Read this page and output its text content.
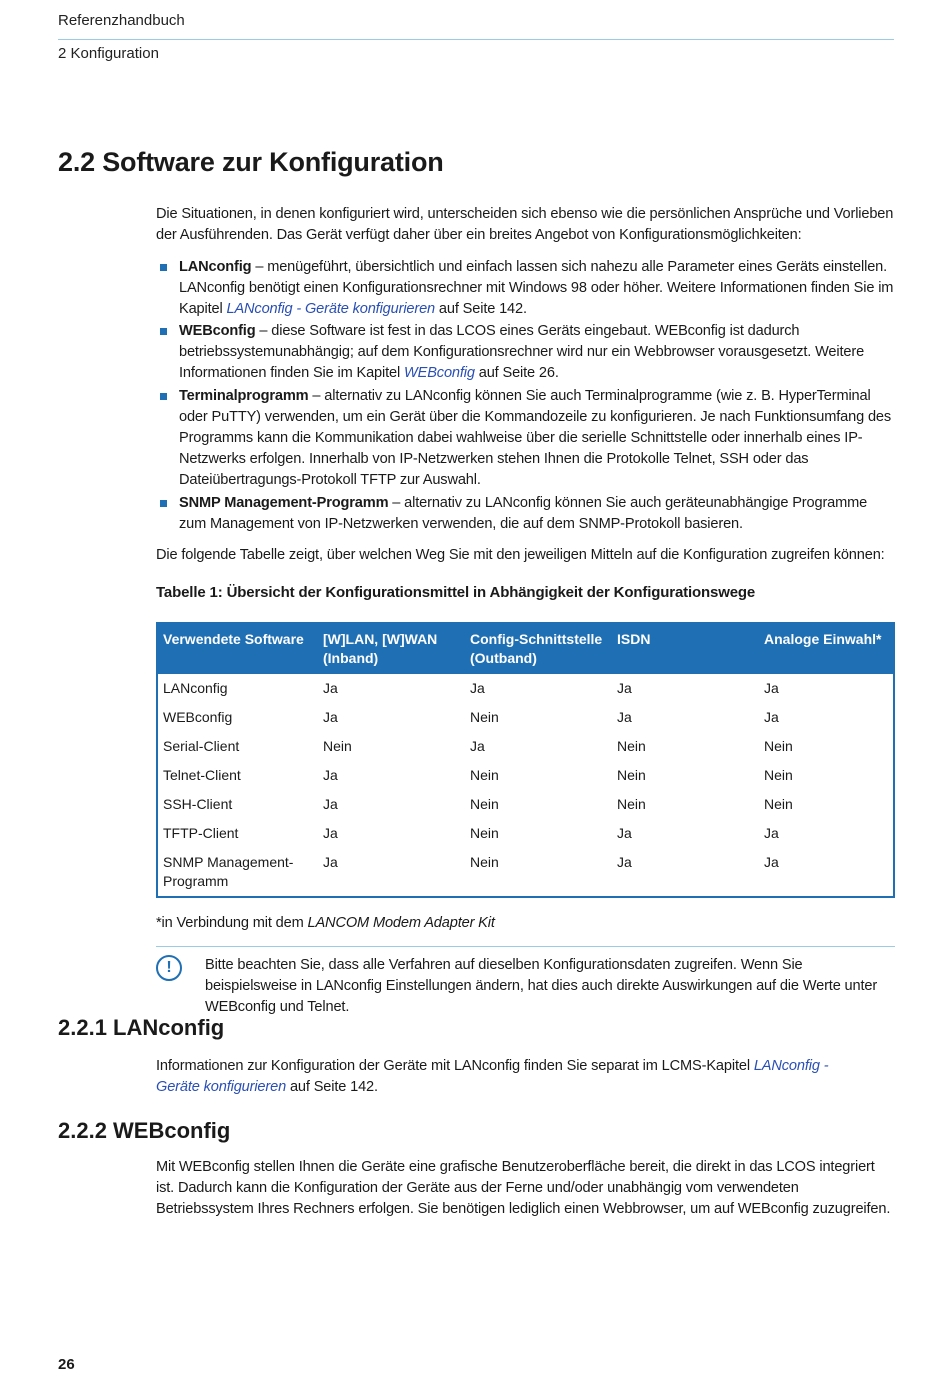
Referenzhandbuch
2 Konfiguration
2.2 Software zur Konfiguration
Die Situationen, in denen konfiguriert wird, unterscheiden sich ebenso wie die persönlichen Ansprüche und Vorlieben der Ausführenden. Das Gerät verfügt daher über ein breites Angebot von Konfigurationsmöglichkeiten:
LANconfig – menügeführt, übersichtlich und einfach lassen sich nahezu alle Parameter eines Geräts einstellen. LANconfig benötigt einen Konfigurationsrechner mit Windows 98 oder höher. Weitere Informationen finden Sie im Kapitel LANconfig - Geräte konfigurieren auf Seite 142.
WEBconfig – diese Software ist fest in das LCOS eines Geräts eingebaut. WEBconfig ist dadurch betriebssystemunabhängig; auf dem Konfigurationsrechner wird nur ein Webbrowser vorausgesetzt. Weitere Informationen finden Sie im Kapitel WEBconfig auf Seite 26.
Terminalprogramm – alternativ zu LANconfig können Sie auch Terminalprogramme (wie z. B. HyperTerminal oder PuTTY) verwenden, um ein Gerät über die Kommandozeile zu konfigurieren. Je nach Funktionsumfang des Programms kann die Kommunikation dabei wahlweise über die serielle Schnittstelle oder innerhalb eines IP-Netzwerks erfolgen. Innerhalb von IP-Netzwerken stehen Ihnen die Protokolle Telnet, SSH oder das Dateiübertragungs-Protokoll TFTP zur Auswahl.
SNMP Management-Programm – alternativ zu LANconfig können Sie auch geräteunabhängige Programme zum Management von IP-Netzwerken verwenden, die auf dem SNMP-Protokoll basieren.
Die folgende Tabelle zeigt, über welchen Weg Sie mit den jeweiligen Mitteln auf die Konfiguration zugreifen können:
Tabelle 1: Übersicht der Konfigurationsmittel in Abhängigkeit der Konfigurationswege
Verwendete Software	[W]LAN, [W]WAN (Inband)	Config-Schnittstelle (Outband)	ISDN	Analoge Einwahl*
LANconfig	Ja	Ja	Ja	Ja
WEBconfig	Ja	Nein	Ja	Ja
Serial-Client	Nein	Ja	Nein	Nein
Telnet-Client	Ja	Nein	Nein	Nein
SSH-Client	Ja	Nein	Nein	Nein
TFTP-Client	Ja	Nein	Ja	Ja
SNMP Management-Programm	Ja	Nein	Ja	Ja
*in Verbindung mit dem LANCOM Modem Adapter Kit
!	Bitte beachten Sie, dass alle Verfahren auf dieselben Konfigurationsdaten zugreifen. Wenn Sie beispielsweise in LANconfig Einstellungen ändern, hat dies auch direkte Auswirkungen auf die Werte unter WEBconfig und Telnet.
2.2.1 LANconfig
Informationen zur Konfiguration der Geräte mit LANconfig finden Sie separat im LCMS-Kapitel LANconfig - Geräte konfigurieren auf Seite 142.
2.2.2 WEBconfig
Mit WEBconfig stellen Ihnen die Geräte eine grafische Benutzeroberfläche bereit, die direkt in das LCOS integriert ist. Dadurch kann die Konfiguration der Geräte aus der Ferne und/oder unabhängig vom verwendeten Betriebssystem Ihres Rechners erfolgen. Sie benötigen lediglich einen Webbrowser, um auf WEBconfig zuzugreifen.
26
